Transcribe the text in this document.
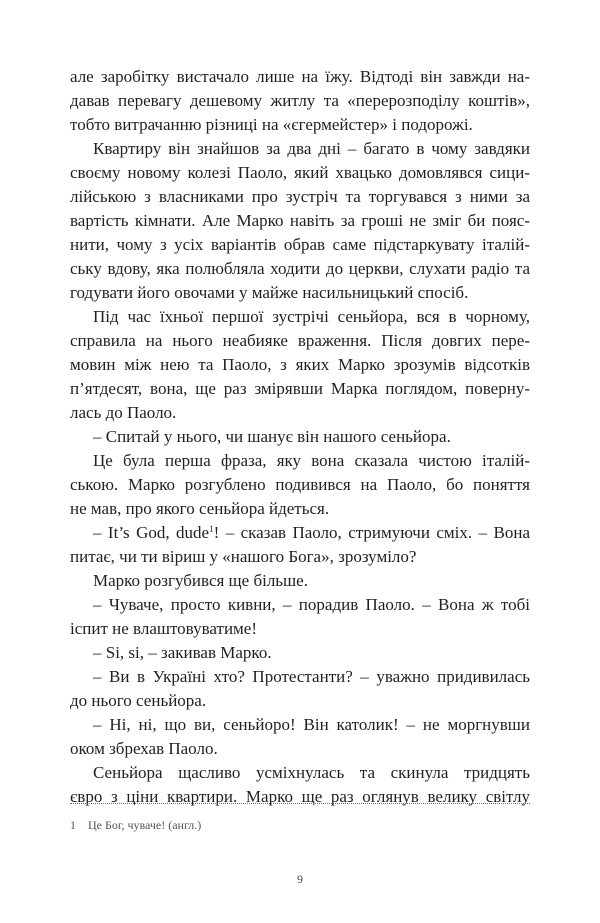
але заробітку вистачало лише на їжу. Відтоді він завжди на-
давав перевагу дешевому житлу та «перерозподілу коштів»,
тобто витрачанню різниці на «єгермейстер» і подорожі.
Квартиру він знайшов за два дні – багато в чому завдяки
своєму новому колезі Паоло, який хвацько домовлявся сици-
лійською з власниками про зустріч та торгувався з ними за
вартість кімнати. Але Марко навіть за гроші не зміг би пояс-
нити, чому з усіх варіантів обрав саме підстаркувату італій-
ську вдову, яка полюбляла ходити до церкви, слухати радіо та
годувати його овочами у майже насильницький спосіб.
Під час їхньої першої зустрічі сеньйора, вся в чорному,
справила на нього неабияке враження. Після довгих пере-
мовин між нею та Паоло, з яких Марко зрозумів відсотків
п’ятдесят, вона, ще раз змірявши Марка поглядом, поверну-
лась до Паоло.
– Спитай у нього, чи шанує він нашого сеньйора.
Це була перша фраза, яку вона сказала чистою італій-
ською. Марко розгублено подивився на Паоло, бо поняття
не мав, про якого сеньйора йдеться.
– It’s God, dude$^1$! – сказав Паоло, стримуючи сміх. – Вона
питає, чи ти віриш у «нашого Бога», зрозуміло?
Марко розгубився ще більше.
– Чуваче, просто кивни, – порадив Паоло. – Вона ж тобі
іспит не влаштовуватиме!
– Si, si, – закивав Марко.
– Ви в Україні хто? Протестанти? – уважно придивилась
до нього сеньйора.
– Ні, ні, що ви, сеньйоро! Він католик! – не моргнувши
оком збрехав Паоло.
Сеньйора щасливо усміхнулась та скинула тридцять
євро з ціни квартири. Марко ще раз оглянув велику світлу
1 Це Бог, чуваче! (англ.)
9
